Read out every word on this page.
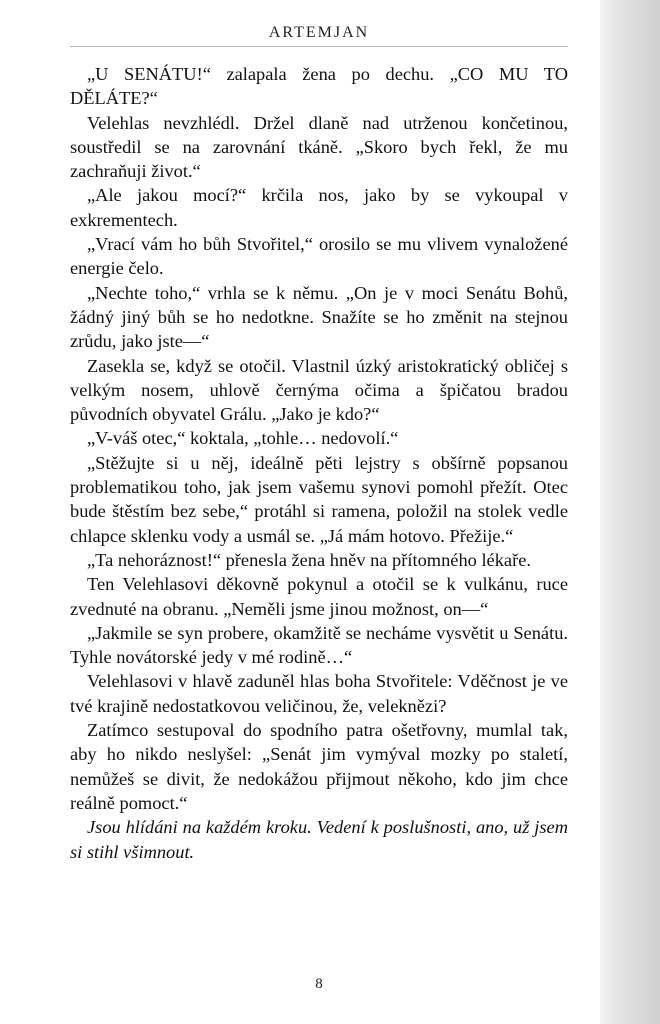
ARTEMJAN

„U SENÁTU!“ zalapala žena po dechu. „CO MU TO DĚLÁTE?“

Velehlas nevzhlédl. Držel dlaně nad utrženou končetinou, soustředil se na zarovnání tkáně. „Skoro bych řekl, že mu zachraňuji život.“

„Ale jakou mocí?“ krčila nos, jako by se vykoupal v exkrementech.

„Vrací vám ho bůh Stvořitel,“ orosilo se mu vlivem vynaložené energie čelo.

„Nechte toho,“ vrhla se k němu. „On je v moci Senátu Bohů, žádný jiný bůh se ho nedotkne. Snažíte se ho změnit na stejnou zrůdu, jako jste—“

Zasekla se, když se otočil. Vlastnil úzký aristokratický obličej s velkým nosem, uhlově černýma očima a špičatou bradou původních obyvatel Grálu. „Jako je kdo?“

„V-váš otec,“ koktala, „tohle… nedovolí.“

„Stěžujte si u něj, ideálně pěti lejstry s obšírně popsanou problematikou toho, jak jsem vašemu synovi pomohl přežít. Otec bude štěstím bez sebe,“ protáhl si ramena, položil na stolek vedle chlapce sklenku vody a usmál se. „Já mám hotovo. Přežije.“

„Ta nehoráznost!“ přenesla žena hněv na přítomného lékaře.

Ten Velehlasovi děkovně pokynul a otočil se k vulkánu, ruce zvednuté na obranu. „Neměli jsme jinou možnost, on—“

„Jakmile se syn probere, okamžitě se necháme vysvětit u Senátu. Tyhle novátorské jedy v mé rodině…“

Velehlasovi v hlavě zaduněl hlas boha Stvořitele: Vděčnost je ve tvé krajině nedostatkovou veličinou, že, veleknězi?

Zatímco sestupoval do spodního patra ošetřovny, mumlal tak, aby ho nikdo neslyšel: „Senát jim vymýval mozky po staletí, nemůžeš se divit, že nedokážou přijmout někoho, kdo jim chce reálně pomoct.“

Jsou hlídáni na každém kroku. Vedení k poslušnosti, ano, už jsem si stihl všimnout.

8
